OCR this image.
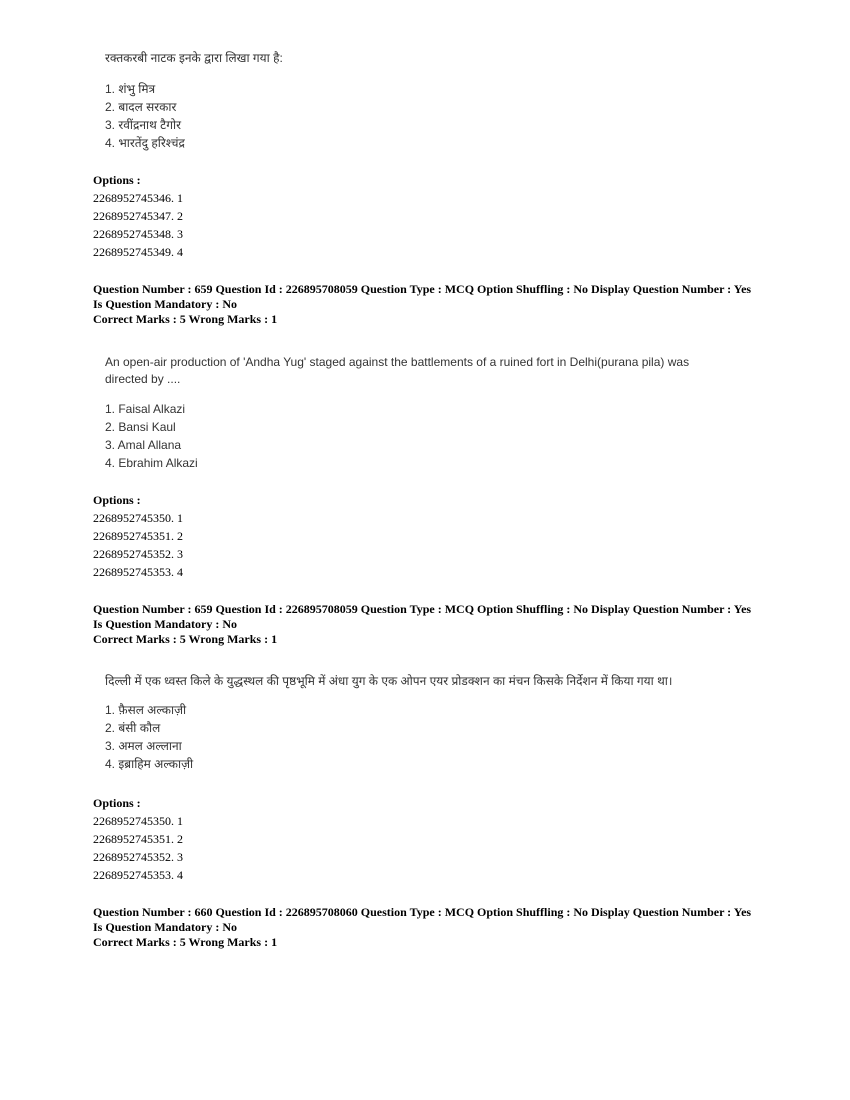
रक्तकरबी नाटक इनके द्वारा लिखा गया है:
1. शंभु मित्र
2. बादल सरकार
3. रवींद्रनाथ टैगोर
4. भारतेंदु हरिश्चंद्र
Options :
2268952745346. 1
2268952745347. 2
2268952745348. 3
2268952745349. 4
Question Number : 659 Question Id : 226895708059 Question Type : MCQ Option Shuffling : No Display Question Number : Yes Is Question Mandatory : No
Correct Marks : 5 Wrong Marks : 1
An open-air production of 'Andha Yug' staged against the battlements of a ruined fort in Delhi(purana pila) was directed by ....
1. Faisal Alkazi
2. Bansi Kaul
3. Amal Allana
4. Ebrahim Alkazi
Options :
2268952745350. 1
2268952745351. 2
2268952745352. 3
2268952745353. 4
Question Number : 659 Question Id : 226895708059 Question Type : MCQ Option Shuffling : No Display Question Number : Yes Is Question Mandatory : No
Correct Marks : 5 Wrong Marks : 1
दिल्ली में एक ध्वस्त किले के युद्धस्थल की पृष्ठभूमि में अंधा युग के एक ओपन एयर प्रोडक्शन का मंचन किसके निर्देशन में किया गया था।
1. फ़ैसल अल्काज़ी
2. बंसी कौल
3. अमल अल्लाना
4. इब्राहिम अल्काज़ी
Options :
2268952745350. 1
2268952745351. 2
2268952745352. 3
2268952745353. 4
Question Number : 660 Question Id : 226895708060 Question Type : MCQ Option Shuffling : No Display Question Number : Yes Is Question Mandatory : No
Correct Marks : 5 Wrong Marks : 1
